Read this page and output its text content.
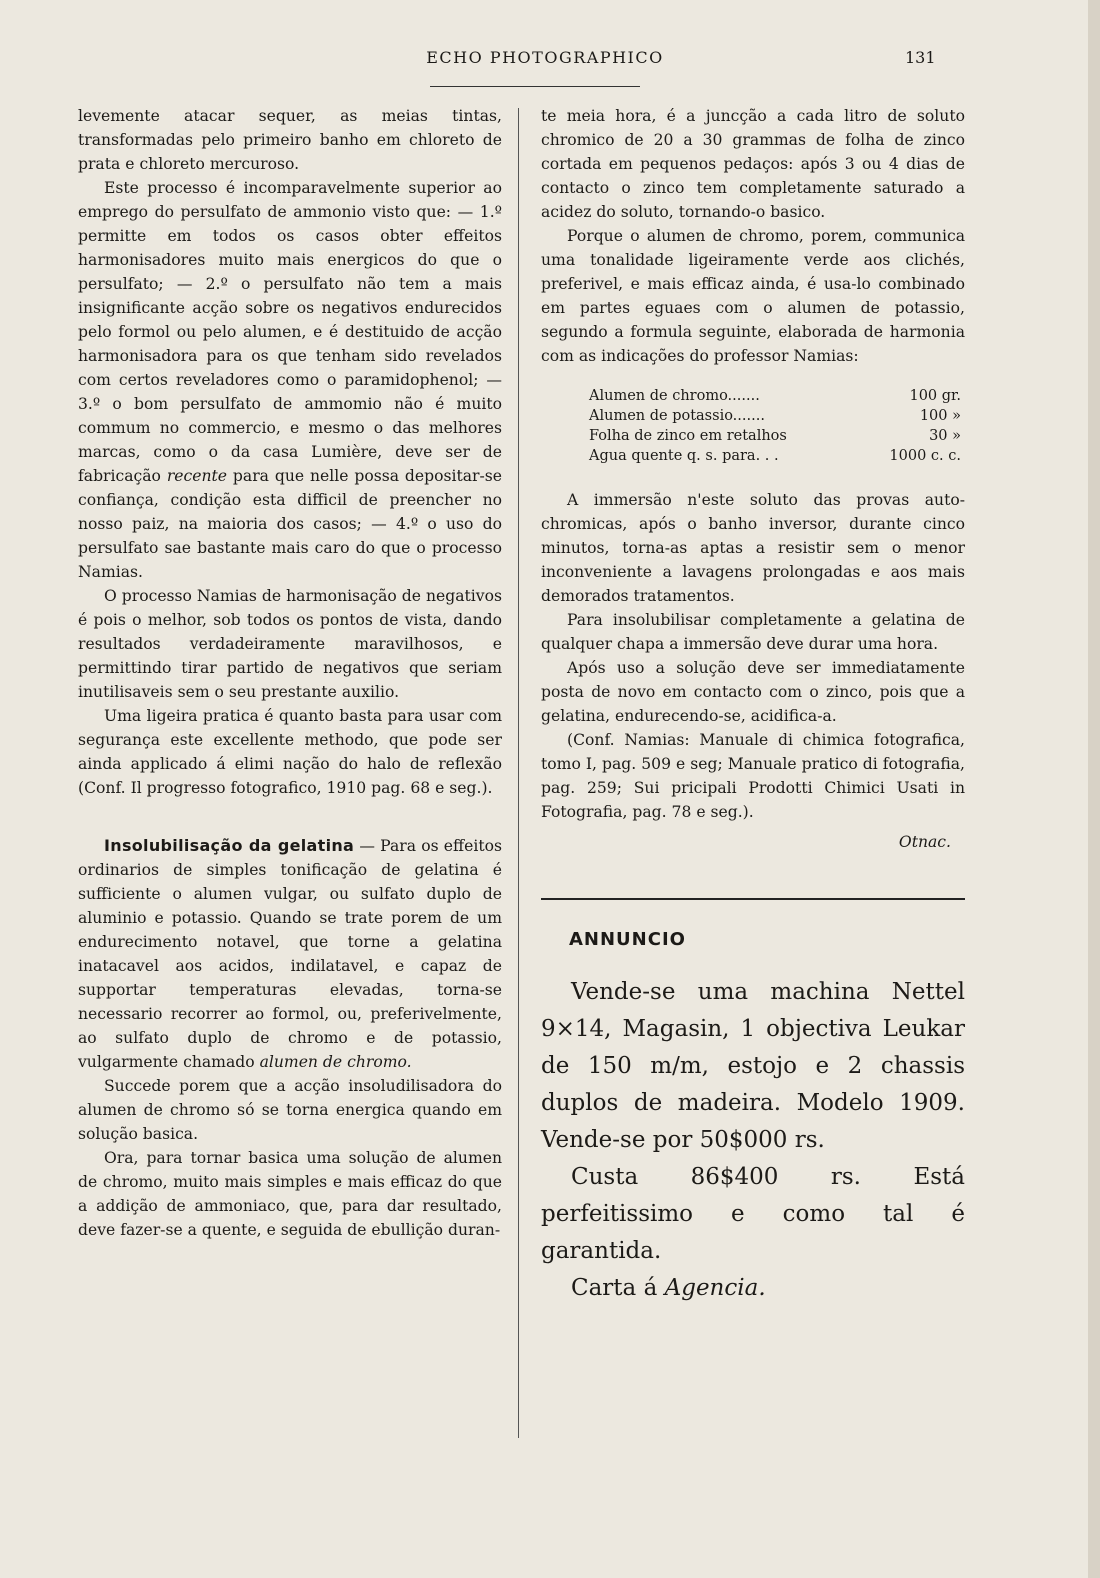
ECHO PHOTOGRAPHICO	131

levemente atacar sequer, as meias tintas, transformadas pelo primeiro banho em chloreto de prata e chloreto mercuroso.

Este processo é incomparavelmente superior ao emprego do persulfato de ammonio visto que: — 1.º permitte em todos os casos obter effeitos harmonisadores muito mais energicos do que o persulfato; — 2.º o persulfato não tem a mais insignificante acção sobre os negativos endurecidos pelo formol ou pelo alumen, e é destituido de acção harmonisadora para os que tenham sido revelados com certos reveladores como o paramidophenol; — 3.º o bom persulfato de ammomio não é muito commum no commercio, e mesmo o das melhores marcas, como o da casa Lumière, deve ser de fabricação recente para que nelle possa depositar-se confiança, condição esta difficil de preencher no nosso paiz, na maioria dos casos; — 4.º o uso do persulfato sae bastante mais caro do que o processo Namias.

O processo Namias de harmonisação de negativos é pois o melhor, sob todos os pontos de vista, dando resultados verdadeiramente maravilhosos, e permittindo tirar partido de negativos que seriam inutilisaveis sem o seu prestante auxilio.

Uma ligeira pratica é quanto basta para usar com segurança este excellente methodo, que pode ser ainda applicado á elimi nação do halo de reflexão (Conf. Il progresso fotografico, 1910 pag. 68 e seg.).

Insolubilisação da gelatina — Para os effeitos ordinarios de simples tonificação de gelatina é sufficiente o alumen vulgar, ou sulfato duplo de aluminio e potassio. Quando se trate porem de um endurecimento notavel, que torne a gelatina inatacavel aos acidos, indilatavel, e capaz de supportar temperaturas elevadas, torna-se necessario recorrer ao formol, ou, preferivelmente, ao sulfato duplo de chromo e de potassio, vulgarmente chamado alumen de chromo.

Succede porem que a acção insoludilisadora do alumen de chromo só se torna energica quando em solução basica.

Ora, para tornar basica uma solução de alumen de chromo, muito mais simples e mais efficaz do que a addição de ammoniaco, que, para dar resultado, deve fazer-se a quente, e seguida de ebullição duran-

te meia hora, é a juncção a cada litro de soluto chromico de 20 a 30 grammas de folha de zinco cortada em pequenos pedaços: após 3 ou 4 dias de contacto o zinco tem completamente saturado a acidez do soluto, tornando-o basico.

Porque o alumen de chromo, porem, communica uma tonalidade ligeiramente verde aos clichés, preferivel, e mais efficaz ainda, é usa-lo combinado em partes eguaes com o alumen de potassio, segundo a formula seguinte, elaborada de harmonia com as indicações do professor Namias:

Alumen de chromo.......	100 gr.
Alumen de potassio.......	100 »
Folha de zinco em retalhos	30 »
Agua quente q. s. para. . .	1000 c. c.

A immersão n'este soluto das provas auto-chromicas, após o banho inversor, durante cinco minutos, torna-as aptas a resistir sem o menor inconveniente a lavagens prolongadas e aos mais demorados tratamentos.

Para insolubilisar completamente a gelatina de qualquer chapa a immersão deve durar uma hora.

Após uso a solução deve ser immediatamente posta de novo em contacto com o zinco, pois que a gelatina, endurecendo-se, acidifica-a.

(Conf. Namias: Manuale di chimica fotografica, tomo I, pag. 509 e seg; Manuale pratico di fotografia, pag. 259; Sui pricipali Prodotti Chimici Usati in Fotografia, pag. 78 e seg.).

Otnac.
ANNUNCIO

Vende-se uma machina Nettel 9×14, Magasin, 1 objectiva Leukar de 150 m/m, estojo e 2 chassis duplos de madeira. Modelo 1909. Vende-se por 50$000 rs.

Custa 86$400 rs. Está perfeitissimo e como tal é garantida.

Carta á Agencia.
